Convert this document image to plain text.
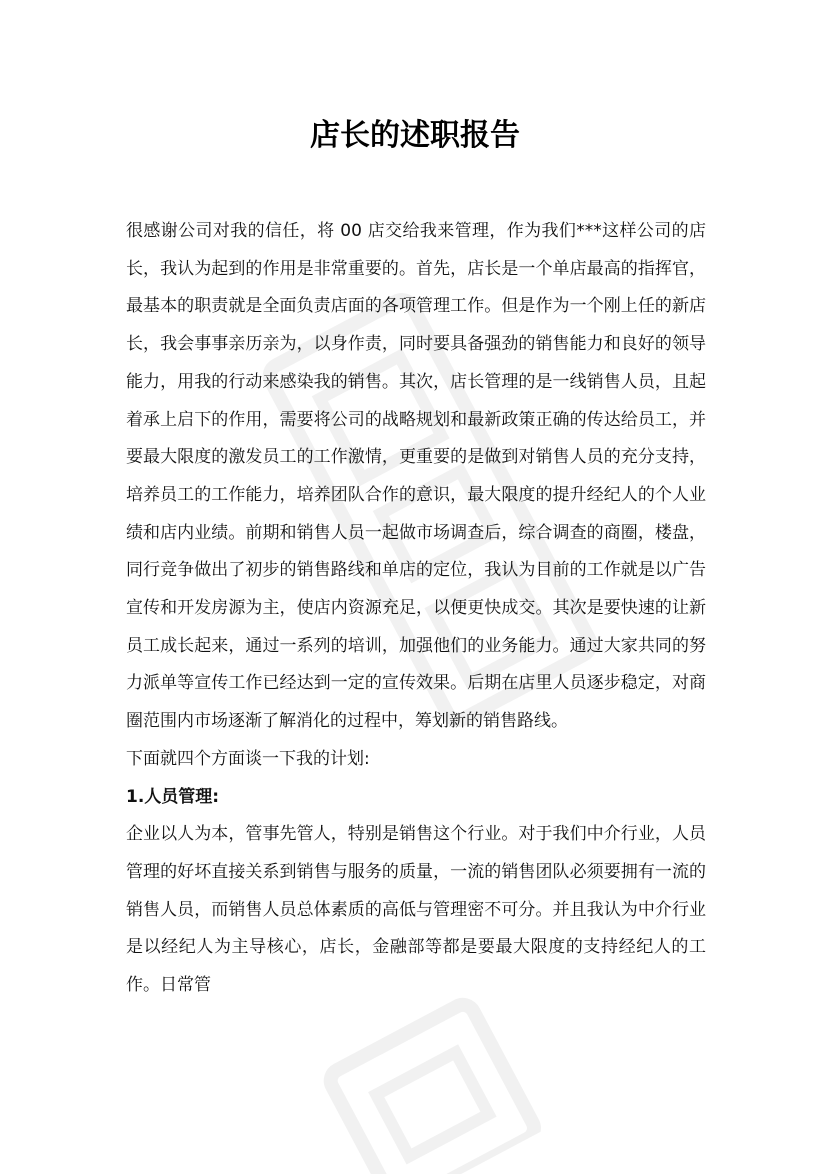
店长的述职报告

很感谢公司对我的信任，将 00 店交给我来管理，作为我们***这样公司的店长，我认为起到的作用是非常重要的。首先，店长是一个单店最高的指挥官，最基本的职责就是全面负责店面的各项管理工作。但是作为一个刚上任的新店长，我会事事亲历亲为，以身作责，同时要具备强劲的销售能力和良好的领导能力，用我的行动来感染我的销售。其次，店长管理的是一线销售人员，且起着承上启下的作用，需要将公司的战略规划和最新政策正确的传达给员工，并要最大限度的激发员工的工作激情，更重要的是做到对销售人员的充分支持，培养员工的工作能力，培养团队合作的意识，最大限度的提升经纪人的个人业绩和店内业绩。前期和销售人员一起做市场调查后，综合调查的商圈，楼盘，同行竞争做出了初步的销售路线和单店的定位，我认为目前的工作就是以广告宣传和开发房源为主，使店内资源充足，以便更快成交。其次是要快速的让新员工成长起来，通过一系列的培训，加强他们的业务能力。通过大家共同的努力派单等宣传工作已经达到一定的宣传效果。后期在店里人员逐步稳定，对商圈范围内市场逐渐了解消化的过程中，筹划新的销售路线。

下面就四个方面谈一下我的计划:

1.人员管理:

企业以人为本，管事先管人，特别是销售这个行业。对于我们中介行业，人员管理的好坏直接关系到销售与服务的质量，一流的销售团队必须要拥有一流的销售人员，而销售人员总体素质的高低与管理密不可分。并且我认为中介行业是以经纪人为主导核心，店长，金融部等都是要最大限度的支持经纪人的工作。日常管
